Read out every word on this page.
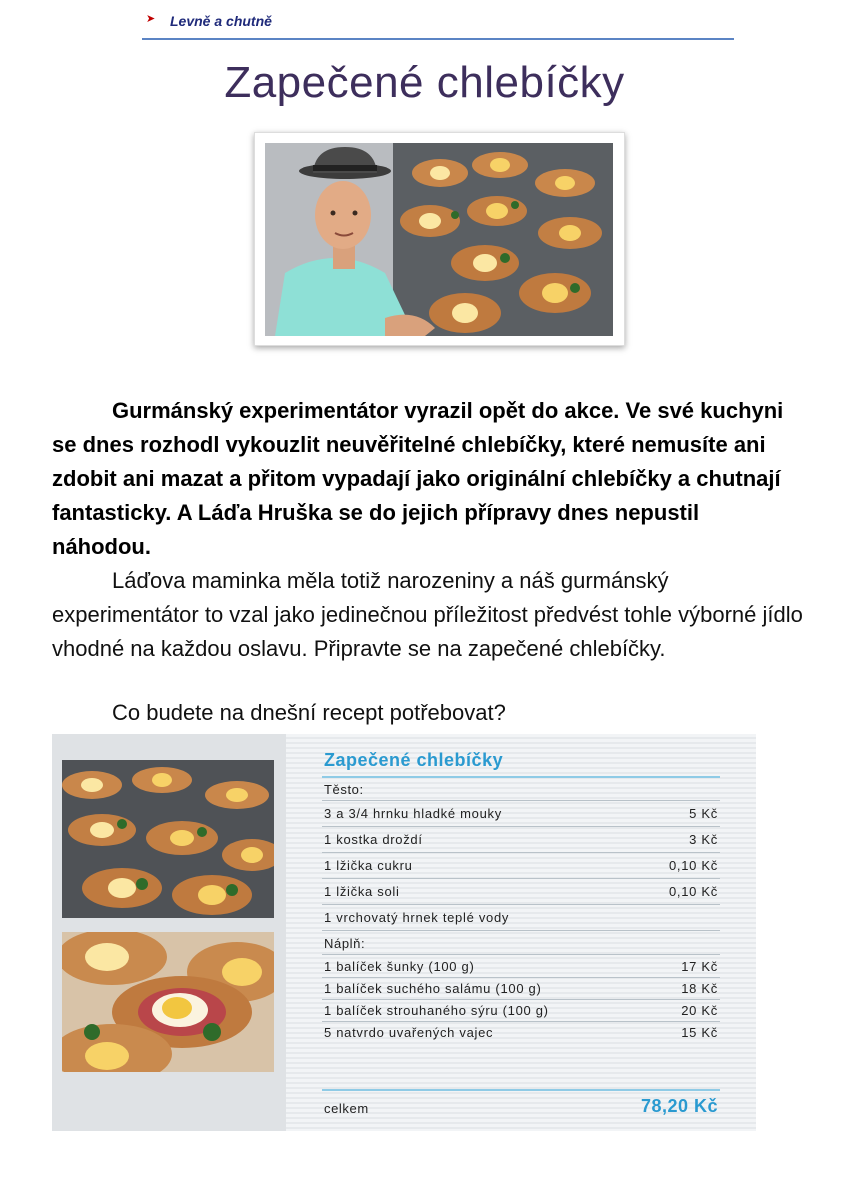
➤ Levně a chutně
Zapečené chlebíčky
Gurmánský experimentátor vyrazil opět do akce. Ve své kuchyni se dnes rozhodl vykouzlit neuvěřitelné chlebíčky, které nemusíte ani zdobit ani mazat a přitom vypadají jako originální chlebíčky a chutnají fantasticky. A Láďa Hruška se do jejich přípravy dnes nepustil náhodou.
Láďova maminka měla totiž narozeniny a náš gurmánský experimentátor to vzal jako jedinečnou příležitost předvést tohle výborné jídlo vhodné na každou oslavu. Připravte se na zapečené chlebíčky.
Co budete na dnešní recept potřebovat?
Zapečené chlebíčky
Těsto:
3 a 3/4 hrnku hladké mouky	5 Kč
1 kostka droždí	3 Kč
1 lžička cukru	0,10 Kč
1 lžička soli	0,10 Kč
1 vrchovatý hrnek teplé vody
Náplň:
1 balíček šunky (100 g)	17 Kč
1 balíček suchého salámu (100 g)	18 Kč
1 balíček strouhaného sýru (100 g)	20 Kč
5 natvrdo uvařených vajec	15 Kč
celkem	78,20 Kč
